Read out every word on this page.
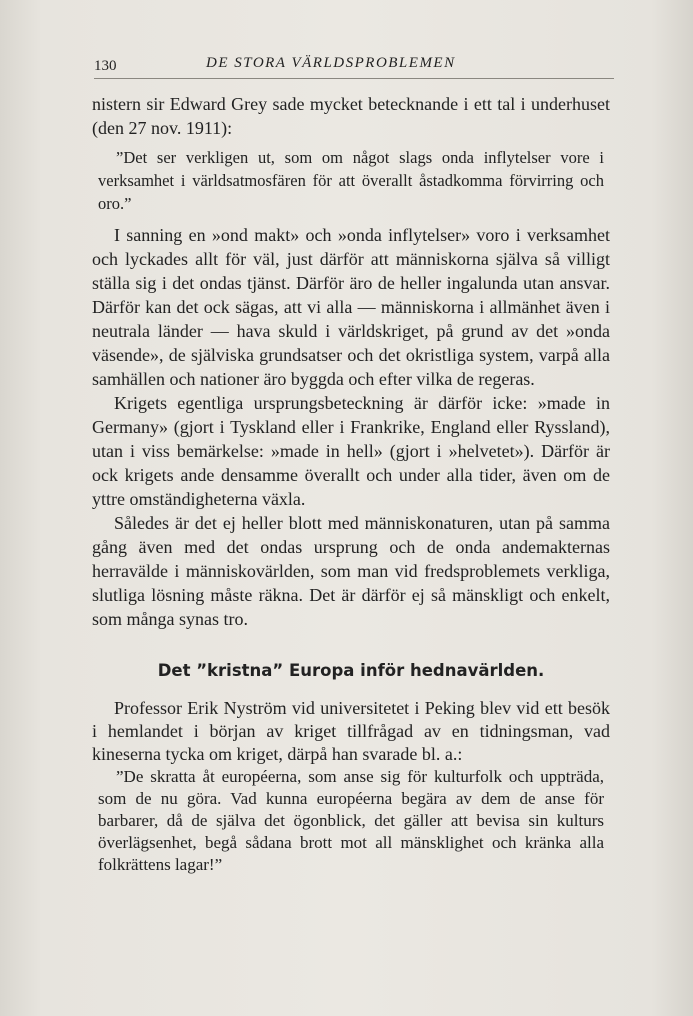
130	DE STORA VÄRLDSPROBLEMEN

nistern sir Edward Grey sade mycket betecknande i ett tal i underhuset (den 27 nov. 1911):

”Det ser verkligen ut, som om något slags onda inflytelser vore i verksamhet i världsatmosfären för att överallt åstadkomma förvirring och oro.”

I sanning en »ond makt» och »onda inflytelser» voro i verksamhet och lyckades allt för väl, just därför att människorna själva så villigt ställa sig i det ondas tjänst. Därför äro de heller ingalunda utan ansvar. Därför kan det ock sägas, att vi alla — människorna i allmänhet även i neutrala länder — hava skuld i världskriget, på grund av det »onda väsende», de själviska grundsatser och det okristliga system, varpå alla samhällen och nationer äro byggda och efter vilka de regeras.

Krigets egentliga ursprungsbeteckning är därför icke: »made in Germany» (gjort i Tyskland eller i Frankrike, England eller Ryssland), utan i viss bemärkelse: »made in hell» (gjort i »helvetet»). Därför är ock krigets ande densamme överallt och under alla tider, även om de yttre omständigheterna växla.

Således är det ej heller blott med människonaturen, utan på samma gång även med det ondas ursprung och de onda andemakternas herravälde i människovärlden, som man vid fredsproblemets verkliga, slutliga lösning måste räkna. Det är därför ej så mänskligt och enkelt, som många synas tro.

Det ”kristna” Europa inför hednavärlden.

Professor Erik Nyström vid universitetet i Peking blev vid ett besök i hemlandet i början av kriget tillfrågad av en tidningsman, vad kineserna tycka om kriget, därpå han svarade bl. a.:

”De skratta åt européerna, som anse sig för kulturfolk och uppträda, som de nu göra. Vad kunna européerna begära av dem de anse för barbarer, då de själva det ögonblick, det gäller att bevisa sin kulturs överlägsenhet, begå sådana brott mot all mänsklighet och kränka alla folkrättens lagar!”
